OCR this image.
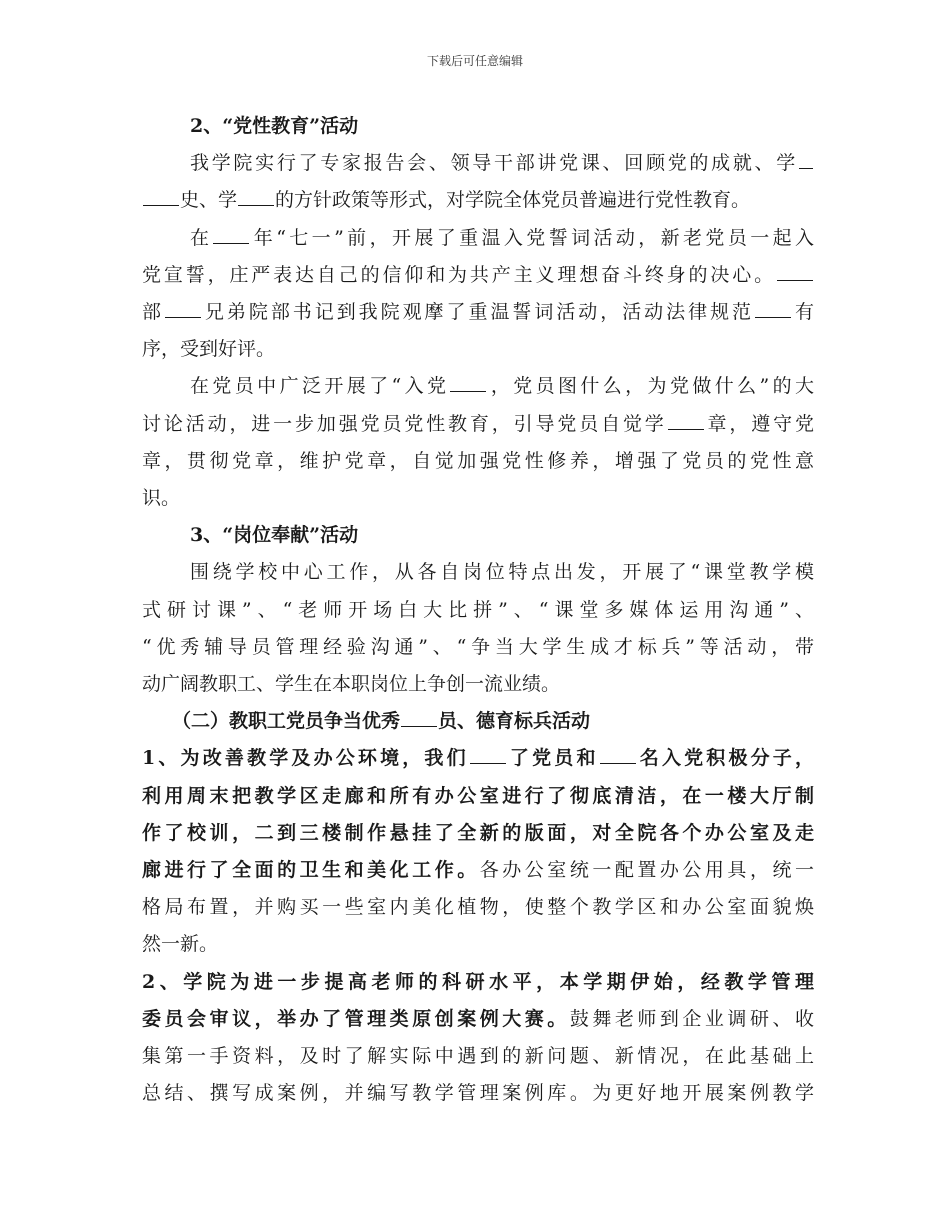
下载后可任意编辑
2、“党性教育”活动
我学院实行了专家报告会、领导干部讲党课、回顾党的成就、学
史、学 的方针政策等形式，对学院全体党员普遍进行党性教育。
在 年“七一”前，开展了重温入党誓词活动，新老党员一起入
党宣誓，庄严表达自己的信仰和为共产主义理想奋斗终身的决心。
部 兄弟院部书记到我院观摩了重温誓词活动，活动法律规范 有
序，受到好评。
在党员中广泛开展了“入党 ，党员图什么，为党做什么”的大
讨论活动，进一步加强党员党性教育，引导党员自觉学 章，遵守党
章，贯彻党章，维护党章，自觉加强党性修养，增强了党员的党性意
识。
3、“岗位奉献”活动
围绕学校中心工作，从各自岗位特点出发，开展了“课堂教学模
式研讨课”、“老师开场白大比拼”、“课堂多媒体运用沟通”、
“优秀辅导员管理经验沟通”、“争当大学生成才标兵”等活动，带
动广阔教职工、学生在本职岗位上争创一流业绩。
（二）教职工党员争当优秀 员、德育标兵活动
1、为改善教学及办公环境，我们 了党员和 名入党积极分子，
利用周末把教学区走廊和所有办公室进行了彻底清洁，在一楼大厅制
作了校训，二到三楼制作悬挂了全新的版面，对全院各个办公室及走
廊进行了全面的卫生和美化工作。各办公室统一配置办公用具，统一
格局布置，并购买一些室内美化植物，使整个教学区和办公室面貌焕
然一新。
2、学院为进一步提高老师的科研水平，本学期伊始，经教学管理
委员会审议，举办了管理类原创案例大赛。鼓舞老师到企业调研、收
集第一手资料，及时了解实际中遇到的新问题、新情况，在此基础上
总结、撰写成案例，并编写教学管理案例库。为更好地开展案例教学
